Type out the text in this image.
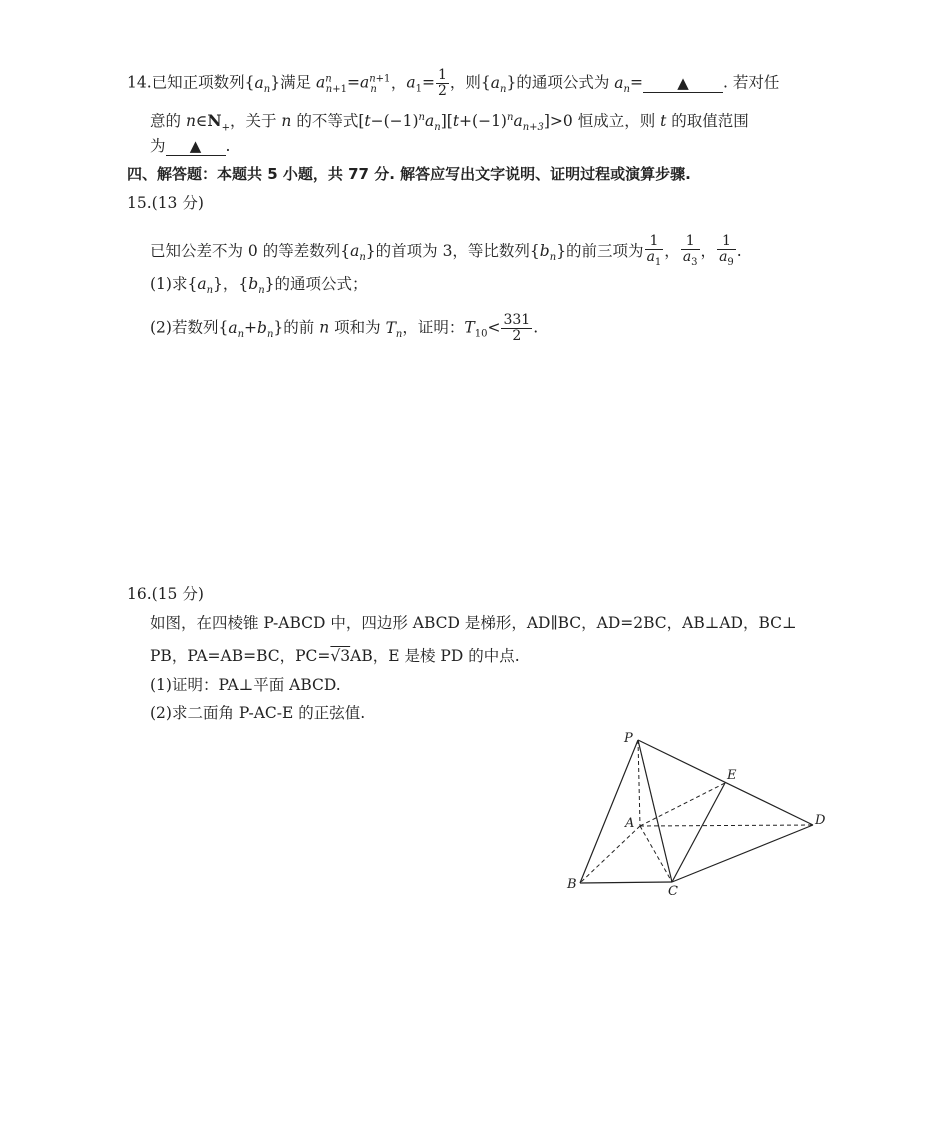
14.已知正项数列$\{a_n\}$满足 $a^n_{n+1}=a^{n+1}_n$ ，$a_1= \frac{1}{2}$ ，则$\{a_n\}$的通项公式为 $a_n=$ ▲ . 若对任
意的 $n\in N_+$，关于 n 的不等式$[t-(-1)^na_n][t+(-1)^na_{n+3}]>0$ 恒成立，则 t 的取值范围
为 ▲ .
四、解答题：本题共 5 小题，共 77 分. 解答应写出文字说明、证明过程或演算步骤.
15.(13 分)
已知公差不为 0 的等差数列$\{a_n\}$的首项为 3，等比数列$\{b_n\}$的前三项为 $\frac{1}{a_1}$ ， $\frac{1}{a_3}$ ， $\frac{1}{a_9}$ .
(1)求$\{a_n\}$，$\{b_n\}$的通项公式；
(2)若数列$\{a_n+b_n\}$的前 n 项和为 $T_n$，证明：$T_{10}< \frac{331}{2}$ .
16.(15 分)
如图，在四棱锥 P-ABCD 中，四边形 ABCD 是梯形，AD∥BC，AD=2BC，AB⊥AD，BC⊥
PB，PA=AB=BC，PC=√3AB，E 是棱 PD 的中点.
(1)证明：PA⊥平面 ABCD.
(2)求二面角 P-AC-E 的正弦值.
P
E
A	D
B	C
